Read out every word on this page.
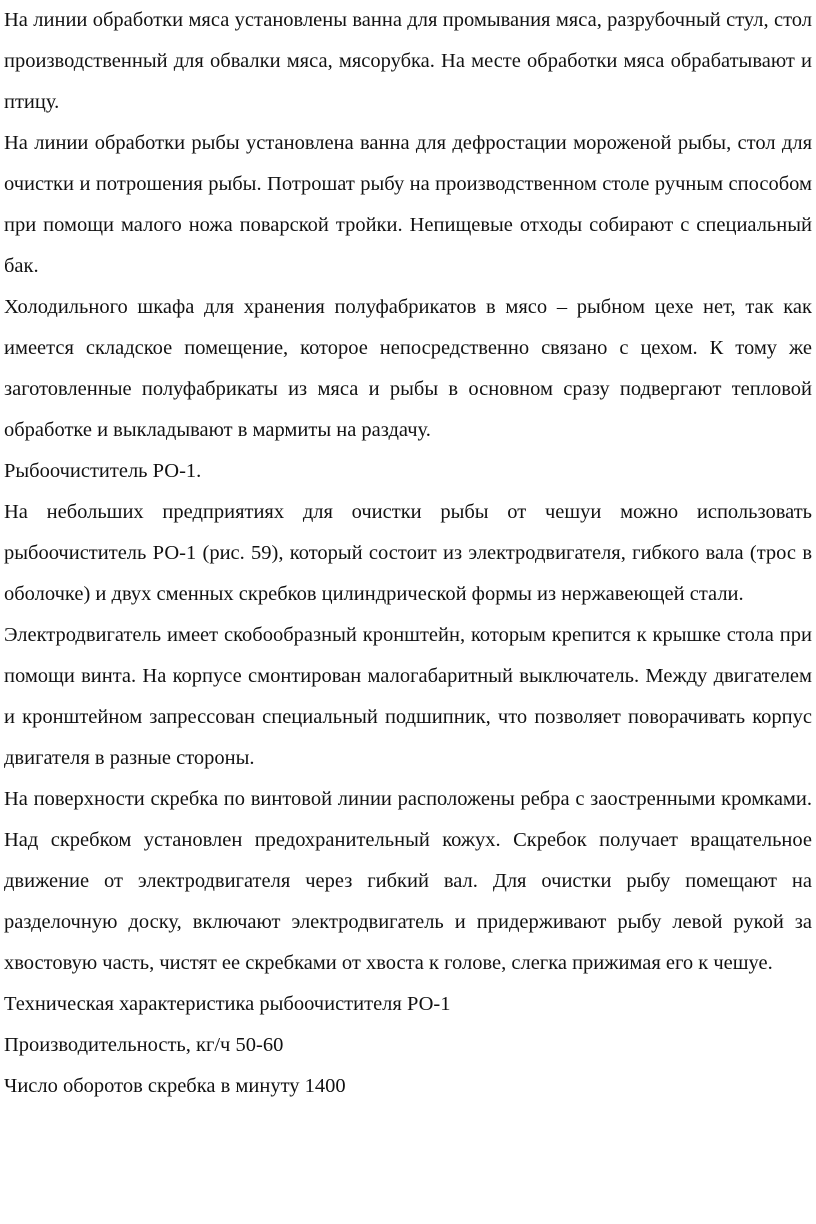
На линии обработки мяса установлены ванна для промывания мяса, разрубочный стул, стол производственный для обвалки мяса, мясорубка. На месте обработки мяса обрабатывают и птицу.

На линии обработки рыбы установлена ванна для дефростации мороженой рыбы, стол для очистки и потрошения рыбы. Потрошат рыбу на производственном столе ручным способом при помощи малого ножа поварской тройки. Непищевые отходы собирают с специальный бак.

Холодильного шкафа для хранения полуфабрикатов в мясо – рыбном цехе нет, так как имеется складское помещение, которое непосредственно связано с цехом. К тому же заготовленные полуфабрикаты из мяса и рыбы в основном сразу подвергают тепловой обработке и выкладывают в мармиты на раздачу.

Рыбоочиститель РО-1.

На небольших предприятиях для очистки рыбы от чешуи можно использовать рыбоочиститель РО-1 (рис. 59), который состоит из электродвигателя, гибкого вала (трос в оболочке) и двух сменных скребков цилиндрической формы из нержавеющей стали.

Электродвигатель имеет скобообразный кронштейн, которым крепится к крышке стола при помощи винта. На корпусе смонтирован малогабаритный выключатель. Между двигателем и кронштейном запрессован специальный подшипник, что позволяет поворачивать корпус двигателя в разные стороны.

На поверхности скребка по винтовой линии расположены ребра с заостренными кромками. Над скребком установлен предохранительный кожух. Скребок получает вращательное движение от электродвигателя через гибкий вал. Для очистки рыбу помещают на разделочную доску, включают электродвигатель и придерживают рыбу левой рукой за хвостовую часть, чистят ее скребками от хвоста к голове, слегка прижимая его к чешуе.

Техническая характеристика рыбоочистителя РО-1

Производительность, кг/ч 50-60

Число оборотов скребка в минуту 1400
